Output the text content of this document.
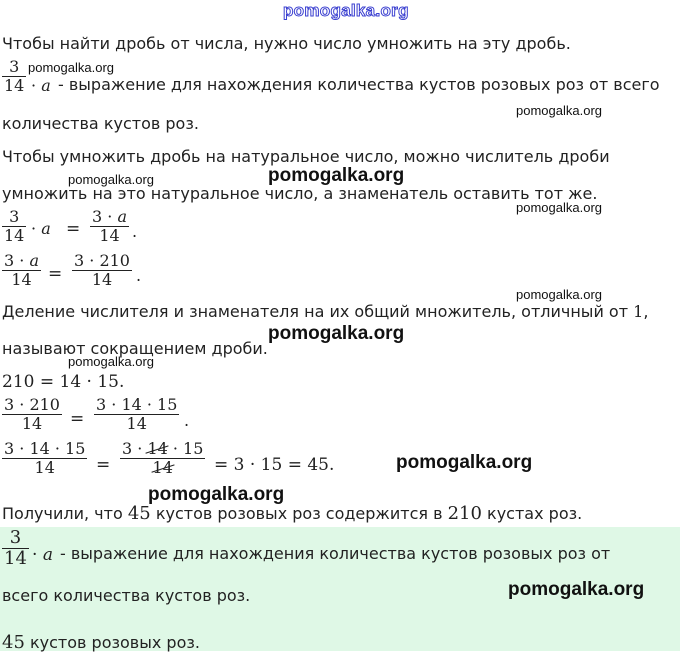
pomogalka.org
Чтобы найти дробь от числа, нужно число умножить на эту дробь.
3
14
pomogalka.org
· a - выражение для нахождения количества кустов розовых роз от всего
количества кустов роз.
pomogalka.org
Чтобы умножить дробь на натуральное число, можно числитель дроби
pomogalka.org	pomogalka.org
умножить на это натуральное число, а знаменатель оставить тот же.
pomogalka.org
3
14 · a =
3 · a
14 .
3 · a
14 =
3 · 210
14	.
pomogalka.org
Деление числителя и знаменателя на их общий множитель, отличный от 1,
pomogalka.org
называют сокращением дроби.
pomogalka.org
210 = 14 · 15.
3 · 210
14	=
3 · 14 · 15
14	.
3 · 14 · 15
14	=
3 · 14 · 15
14	= 3 · 15 = 45.	pomogalka.org
pomogalka.org
Получили, что 45 кустов розовых роз содержится в 210 кустах роз.
3
14 · a - выражение для нахождения количества кустов розовых роз от
всего количества кустов роз.	pomogalka.org
45 кустов розовых роз.
